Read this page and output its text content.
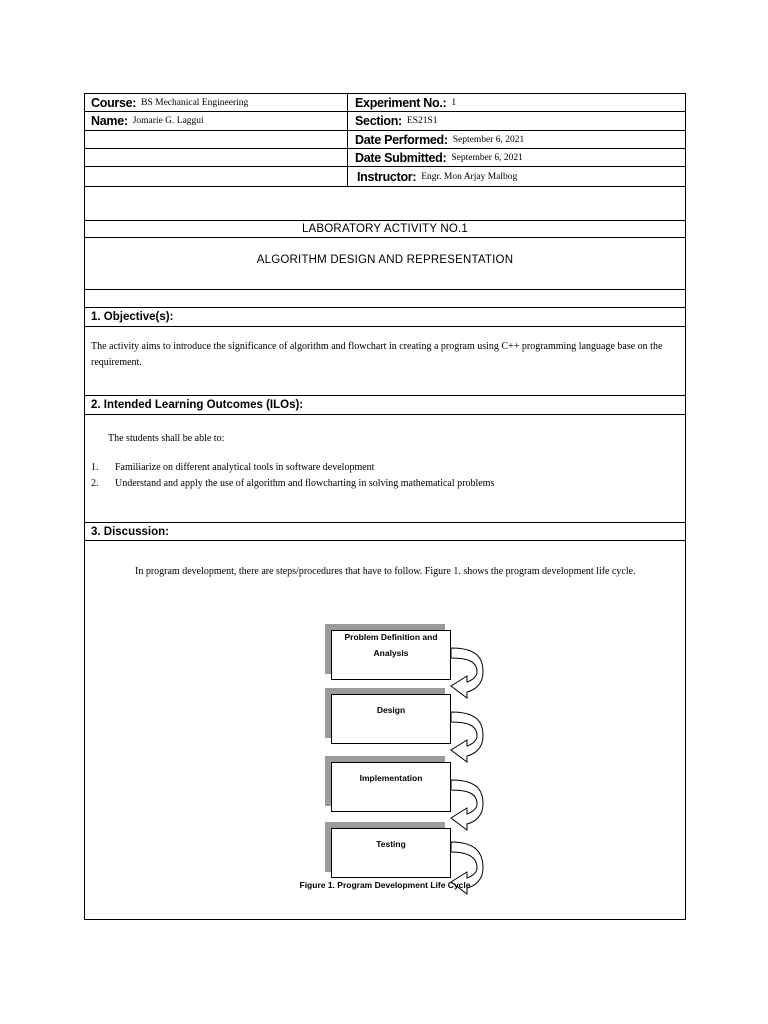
Course: BS Mechanical Engineering	Experiment No.: 1
Name: Jomarie G. Laggui	Section: ES21S1
Date Performed: September 6, 2021
Date Submitted: September 6, 2021
Instructor: Engr. Mon Arjay Malbog
LABORATORY ACTIVITY NO.1
ALGORITHM DESIGN AND REPRESENTATION
1. Objective(s):
The activity aims to introduce the significance of algorithm and flowchart in creating a program using C++ programming language base on the requirement.
2. Intended Learning Outcomes (ILOs):
The students shall be able to:
1. Familiarize on different analytical tools in software development
2. Understand and apply the use of algorithm and flowcharting in solving mathematical problems
3. Discussion:
In program development, there are steps/procedures that have to follow. Figure 1. shows the program development life cycle.
Problem Definition and Analysis
Design
Implementation
Testing
Figure 1. Program Development Life Cycle
